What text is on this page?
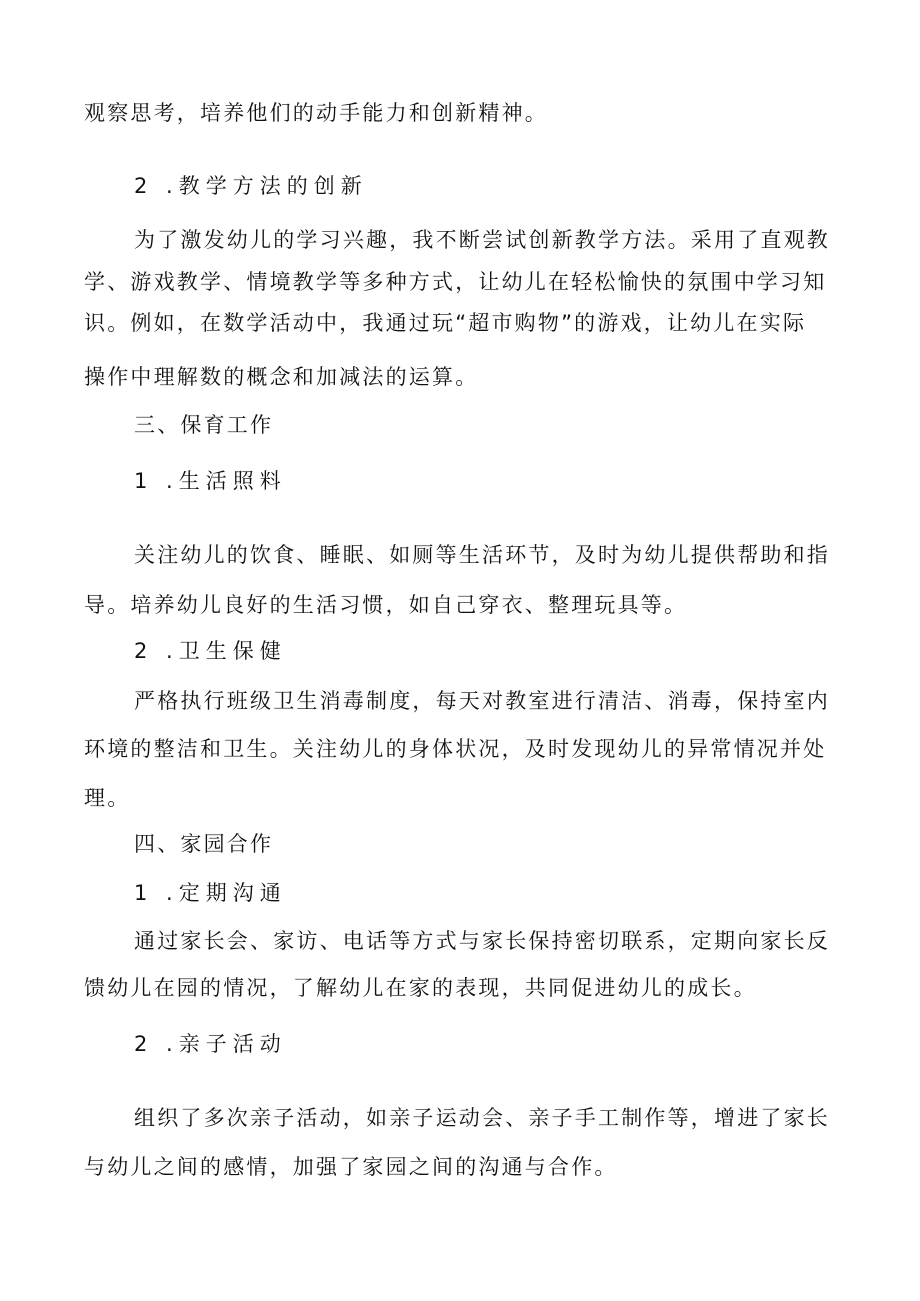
观察思考，培养他们的动手能力和创新精神。
2 .教学方法的创新
为了激发幼儿的学习兴趣，我不断尝试创新教学方法。采用了直观教
学、游戏教学、情境教学等多种方式，让幼儿在轻松愉快的氛围中学习知
识。例如，在数学活动中，我通过玩“超市购物”的游戏，让幼儿在实际
操作中理解数的概念和加减法的运算。
三、保育工作
1 .生活照料
关注幼儿的饮食、睡眠、如厕等生活环节，及时为幼儿提供帮助和指
导。培养幼儿良好的生活习惯，如自己穿衣、整理玩具等。
2 .卫生保健
严格执行班级卫生消毒制度，每天对教室进行清洁、消毒，保持室内
环境的整洁和卫生。关注幼儿的身体状况，及时发现幼儿的异常情况并处
理。
四、家园合作
1 .定期沟通
通过家长会、家访、电话等方式与家长保持密切联系，定期向家长反
馈幼儿在园的情况，了解幼儿在家的表现，共同促进幼儿的成长。
2 .亲子活动
组织了多次亲子活动，如亲子运动会、亲子手工制作等，增进了家长
与幼儿之间的感情，加强了家园之间的沟通与合作。
